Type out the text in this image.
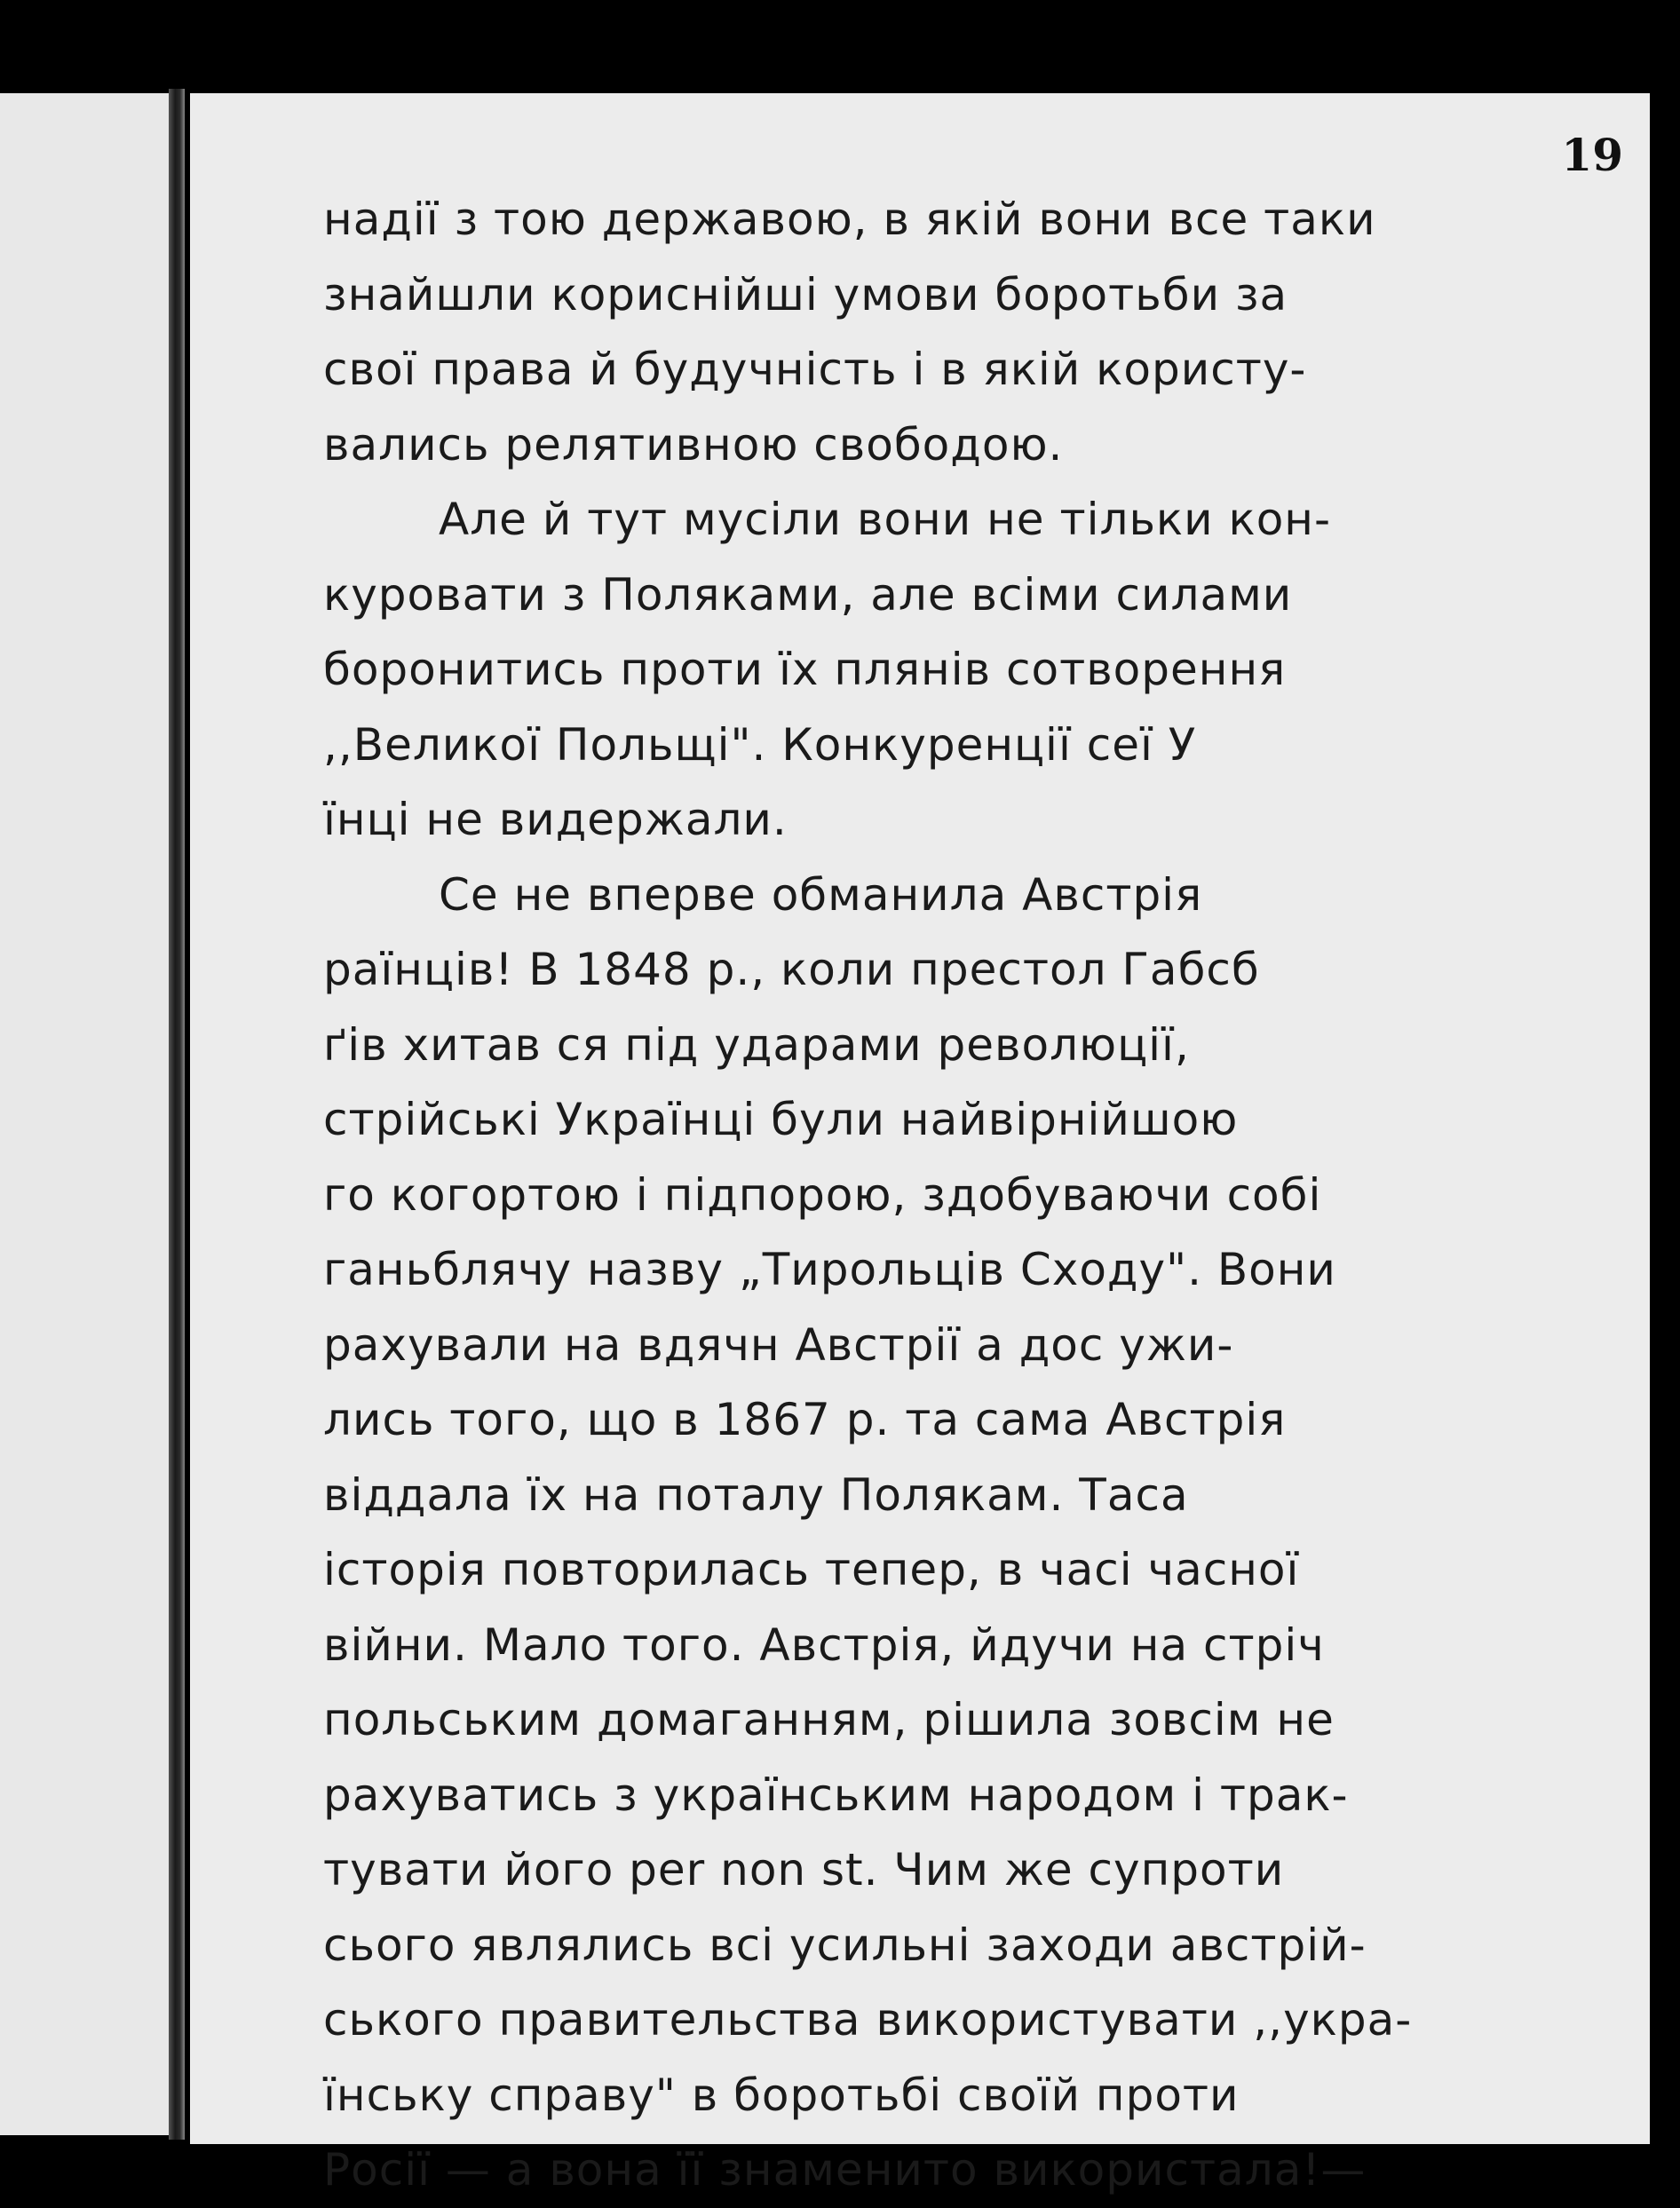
19

надії з тою державою, в якій вони все таки
знайшли кориснійші умови боротьби за
свої права й будучність і в якій користу-
вались релятивною свободою.
Але й тут мусіли вони не тільки кон-
куровати з Поляками, але всіми силами
боронитись проти їх плянів сотворення
,,Великої Польщі". Конкуренції сеї У
їнці не видержали.
Се не вперве обманила Австрія
раїнців! В 1848 р., коли престол Габсб
ґів хитав ся під ударами революції,
стрійські Українці були найвірнійшою
го когортою і підпорою, здобуваючи собі
ганьблячу назву „Тирольців Сходу". Вони
рахували на вдячн Австрії а дос ужи-
лись того, що в 1867 р. та сама Австрія
віддала їх на поталу Полякам. Таса
історія повторилась тепер, в часі часної
війни. Мало того. Австрія, йдучи на стріч
польським домаганням, рішила зовсім не
рахуватись з українським народом і трак-
тувати його per non st. Чим же супроти
сього являлись всі усильні заходи австрій-
ського правительства використувати ,,укра-
їнську справу" в боротьбі своїй проти
Росії — а вона її знаменито використала!—
